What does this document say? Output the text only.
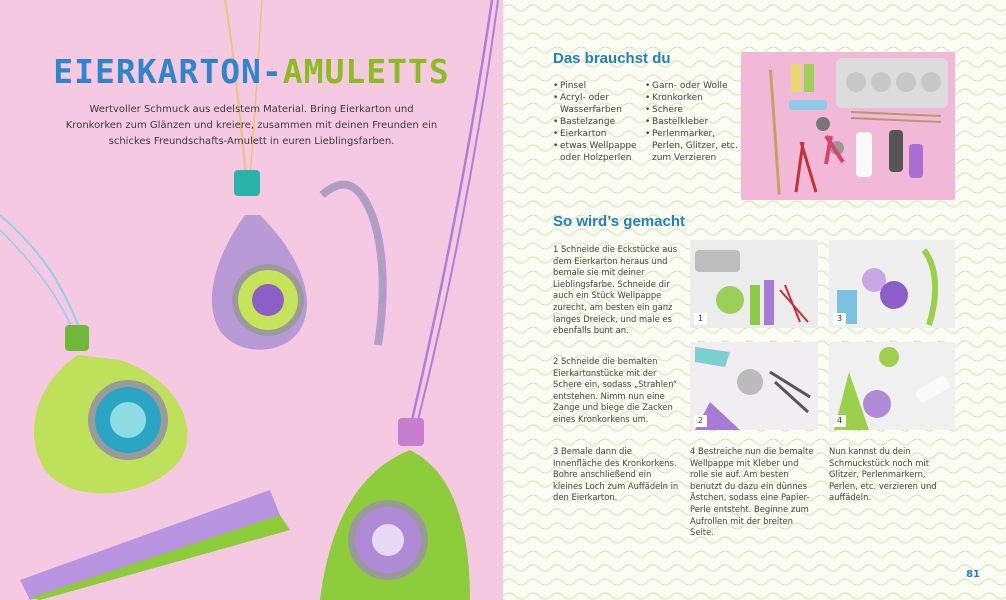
EIERKARTON-AMULETTS
Wertvoller Schmuck aus edelstem Material. Bring Eierkarton und Kronkorken zum Glänzen und kreiere, zusammen mit deinen Freunden ein schickes Freundschafts-Amulett in euren Lieblingsfarben.
Das brauchst du
• Pinsel
• Acryl- oder Wasserfarben
• Bastelzange
• Eierkarton
• etwas Wellpappe oder Holzperlen
• Garn- oder Wolle
• Kronkorken
• Schere
• Bastelkleber
• Perlenmarker, Perlen, Glitzer, etc. zum Verzieren
So wird’s gemacht
1 Schneide die Eckstücke aus dem Eierkarton heraus und bemale sie mit deiner Lieblingsfarbe. Schneide dir auch ein Stück Wellpappe zurecht, am besten ein ganz langes Dreieck, und male es ebenfalls bunt an.
2 Schneide die bemalten Eierkartonstücke mit der Schere ein, sodass „Strahlen“ entstehen. Nimm nun eine Zange und biege die Zacken eines Kronkorkens um.
3 Bemale dann die Innenfläche des Kronkorkens. Bohre anschließend ein kleines Loch zum Auffädeln in den Eierkarton.
4 Bestreiche nun die bemalte Wellpappe mit Kleber und rolle sie auf. Am besten benutzt du dazu ein dünnes Ästchen, sodass eine Papier-Perle entsteht. Beginne zum Aufrollen mit der breiten Seite.
Nun kannst du dein Schmuckstück noch mit Glitzer, Perlenmarkern, Perlen, etc. verzieren und auffädeln.
1	3
2	4
81
